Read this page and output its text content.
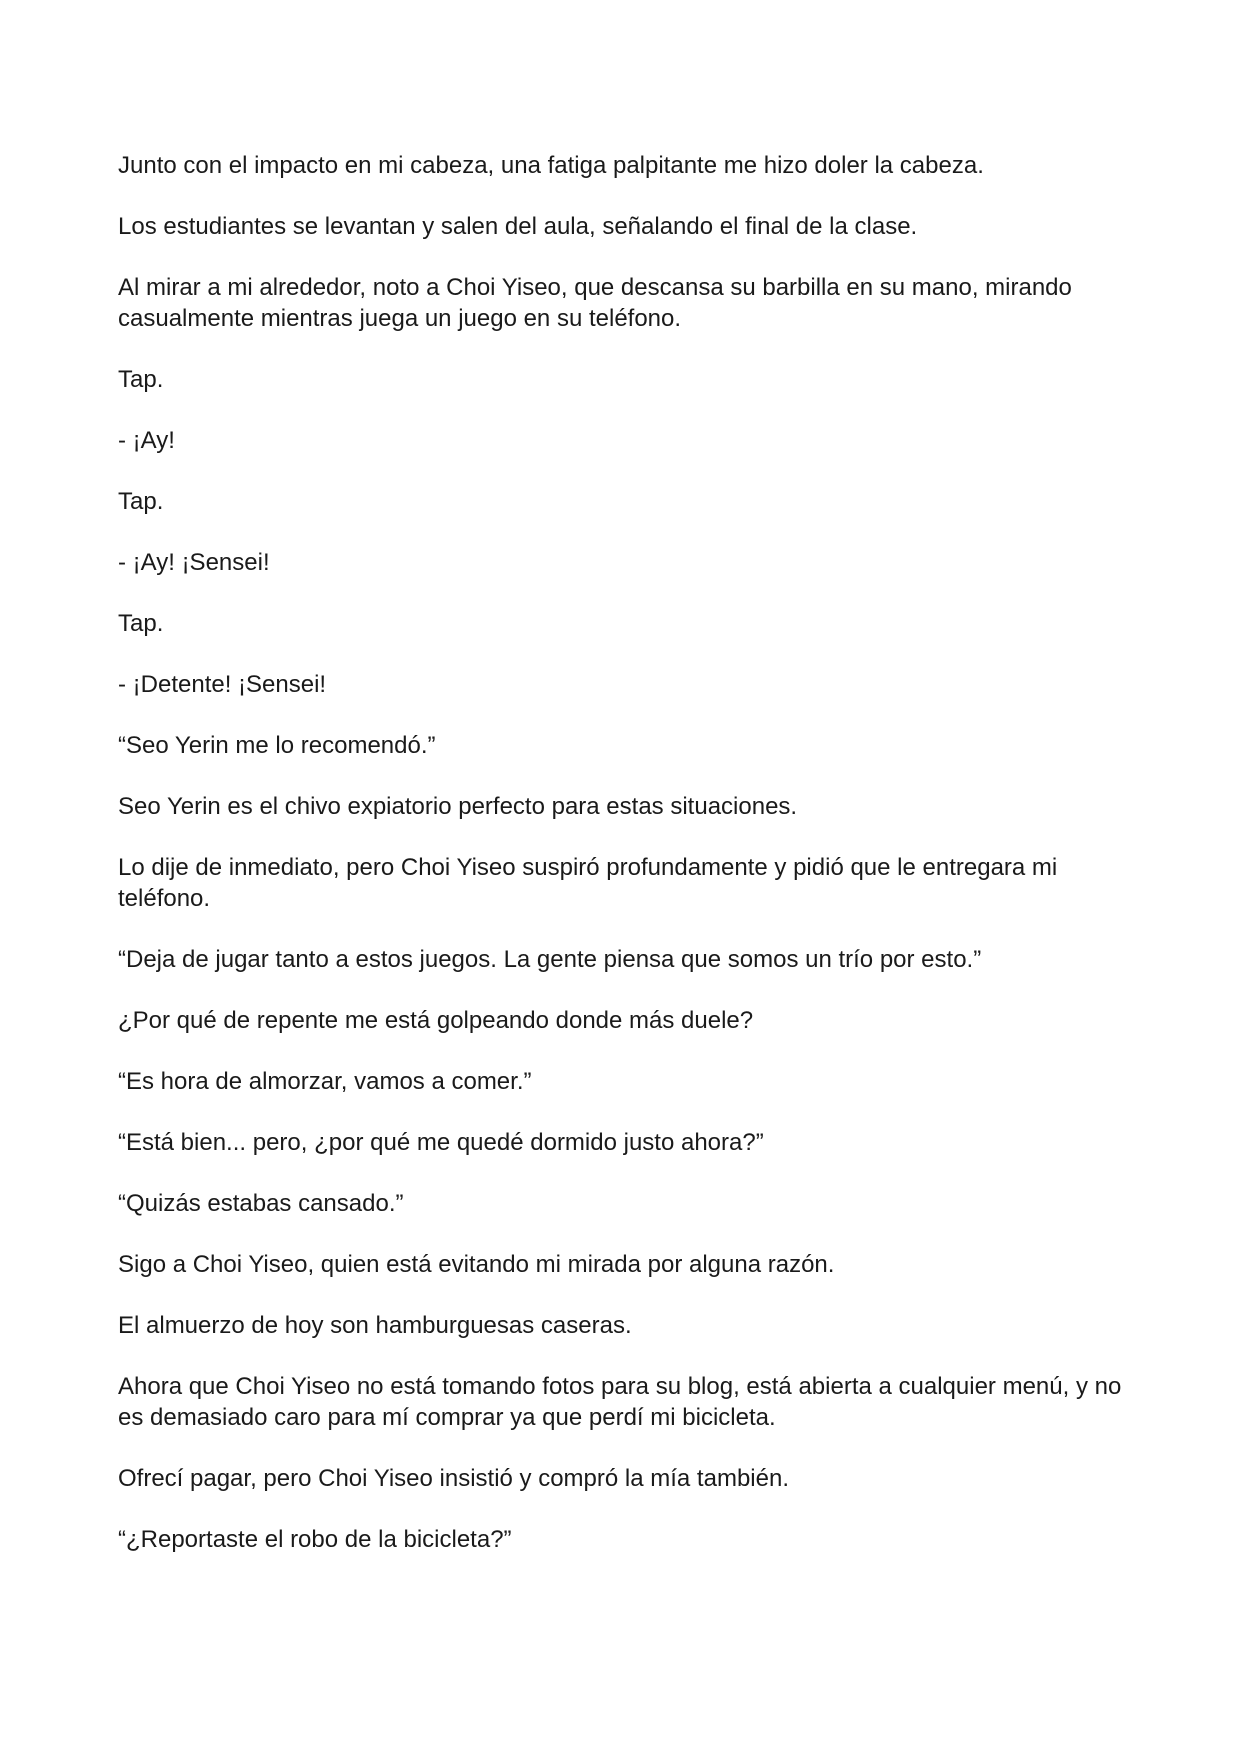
Junto con el impacto en mi cabeza, una fatiga palpitante me hizo doler la cabeza.

Los estudiantes se levantan y salen del aula, señalando el final de la clase.

Al mirar a mi alrededor, noto a Choi Yiseo, que descansa su barbilla en su mano, mirando casualmente mientras juega un juego en su teléfono.

Tap.

- ¡Ay!

Tap.

- ¡Ay! ¡Sensei!

Tap.

- ¡Detente! ¡Sensei!

“Seo Yerin me lo recomendó.”

Seo Yerin es el chivo expiatorio perfecto para estas situaciones.

Lo dije de inmediato, pero Choi Yiseo suspiró profundamente y pidió que le entregara mi teléfono.

“Deja de jugar tanto a estos juegos. La gente piensa que somos un trío por esto.”

¿Por qué de repente me está golpeando donde más duele?

“Es hora de almorzar, vamos a comer.”

“Está bien... pero, ¿por qué me quedé dormido justo ahora?”

“Quizás estabas cansado.”

Sigo a Choi Yiseo, quien está evitando mi mirada por alguna razón.

El almuerzo de hoy son hamburguesas caseras.

Ahora que Choi Yiseo no está tomando fotos para su blog, está abierta a cualquier menú, y no es demasiado caro para mí comprar ya que perdí mi bicicleta.

Ofrecí pagar, pero Choi Yiseo insistió y compró la mía también.

“¿Reportaste el robo de la bicicleta?”
